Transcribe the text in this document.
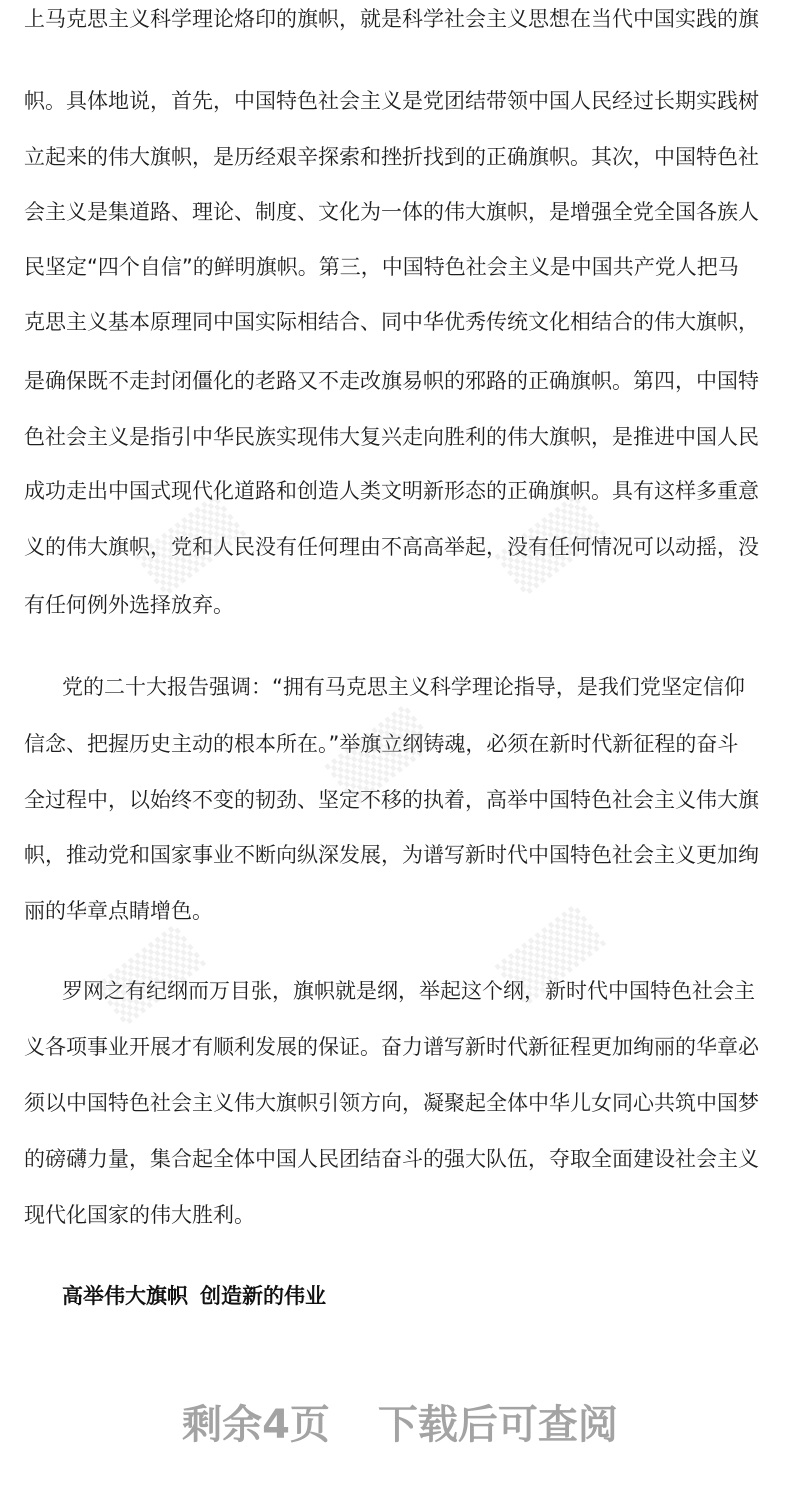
上马克思主义科学理论烙印的旗帜，就是科学社会主义思想在当代中国实践的旗
帜。具体地说，首先，中国特色社会主义是党团结带领中国人民经过长期实践树
立起来的伟大旗帜，是历经艰辛探索和挫折找到的正确旗帜。其次，中国特色社
会主义是集道路、理论、制度、文化为一体的伟大旗帜，是增强全党全国各族人
民坚定“四个自信”的鲜明旗帜。第三，中国特色社会主义是中国共产党人把马
克思主义基本原理同中国实际相结合、同中华优秀传统文化相结合的伟大旗帜，
是确保既不走封闭僵化的老路又不走改旗易帜的邪路的正确旗帜。第四，中国特
色社会主义是指引中华民族实现伟大复兴走向胜利的伟大旗帜，是推进中国人民
成功走出中国式现代化道路和创造人类文明新形态的正确旗帜。具有这样多重意
义的伟大旗帜，党和人民没有任何理由不高高举起，没有任何情况可以动摇，没
有任何例外选择放弃。
党的二十大报告强调：“拥有马克思主义科学理论指导，是我们党坚定信仰
信念、把握历史主动的根本所在。”举旗立纲铸魂，必须在新时代新征程的奋斗
全过程中，以始终不变的韧劲、坚定不移的执着，高举中国特色社会主义伟大旗
帜，推动党和国家事业不断向纵深发展，为谱写新时代中国特色社会主义更加绚
丽的华章点睛增色。
罗网之有纪纲而万目张，旗帜就是纲，举起这个纲，新时代中国特色社会主
义各项事业开展才有顺利发展的保证。奋力谱写新时代新征程更加绚丽的华章必
须以中国特色社会主义伟大旗帜引领方向，凝聚起全体中华儿女同心共筑中国梦
的磅礴力量，集合起全体中国人民团结奋斗的强大队伍，夺取全面建设社会主义
现代化国家的伟大胜利。
高举伟大旗帜 创造新的伟业
剩余4页 下载后可查阅
▒▒▒	▒▒▒
▒▒▒
▒▒▒	▒▒▒
